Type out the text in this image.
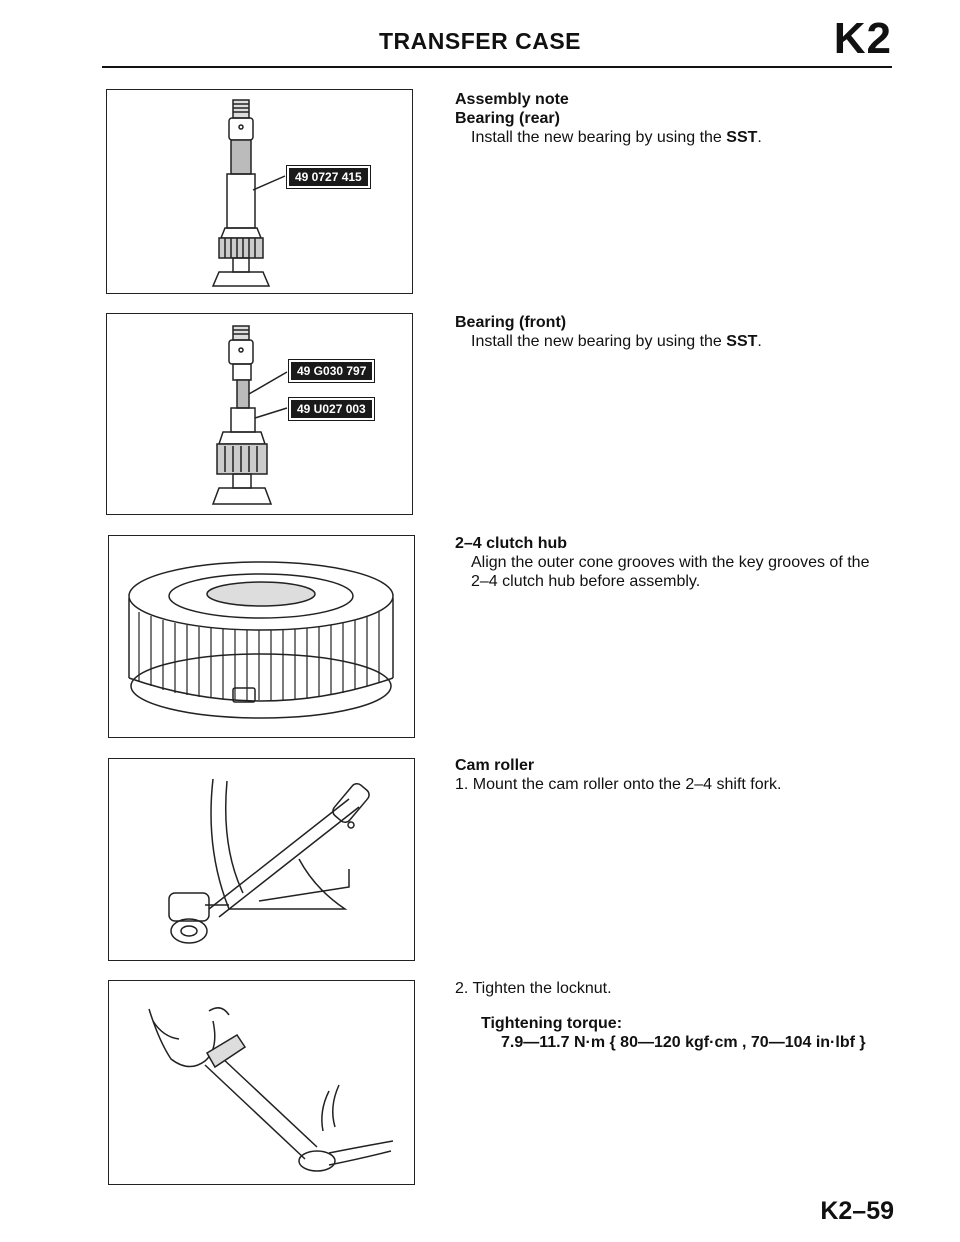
TRANSFER CASE	K2
49 0727 415
49 G030 797
49 U027 003
Assembly note
Bearing (rear)
Install the new bearing by using the SST.
Bearing (front)
Install the new bearing by using the SST.
2–4 clutch hub
Align the outer cone grooves with the key grooves of the
2–4 clutch hub before assembly.
Cam roller
1. Mount the cam roller onto the 2–4 shift fork.
2. Tighten the locknut.
Tightening torque:
7.9—11.7 N·m { 80—120 kgf·cm , 70—104 in·lbf }
K2–59
